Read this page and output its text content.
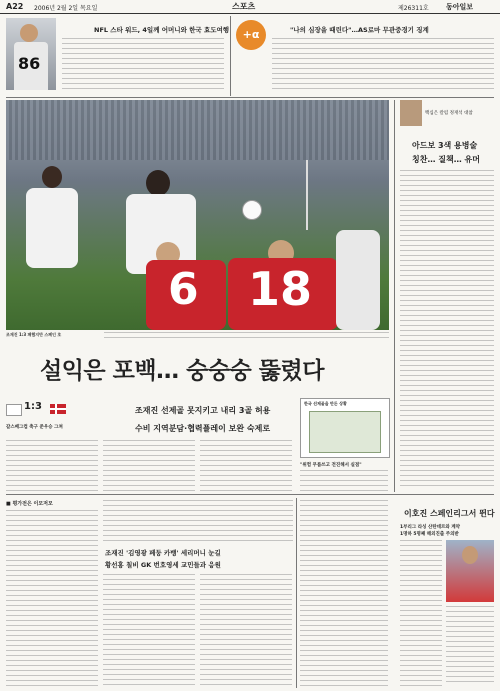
A22 2006년 2월 2일 목요일	스포츠	제26311호 동아일보
86
NFL 스타 워드, 4일께 어머니와 한국 효도여행	+α	"나의 심장을 때린다"…AS로마 무관중경기 징계
6 18
조재진 1:3 패했지만 스페인 호
백십은 칼럼 정재석 대참
아드보 3색 용병술
칭찬… 질책… 유머
설익은 포백… 숭숭숭 뚫렸다
1:3
갈스베그컵 축구 준우승 그쳐
조재진 선제골 못지키고 내리 3골 허용
수비 지역분담·협력플레이 보완 숙제로
한국 선제골을 만든 상황
"위험 무릅쓰고 전진해서 실점"
■ 평가전은 이모저모
조재진 '김영광 페둥 카뱅' 세리머니 눈길
황선홍 칠비 GK 번호영세 교민들과 응원
이호진 스페인리그서 뛴다
1부리그 라싱 산탄데르와 계약
1명하 5명째 해외진출 주의받
